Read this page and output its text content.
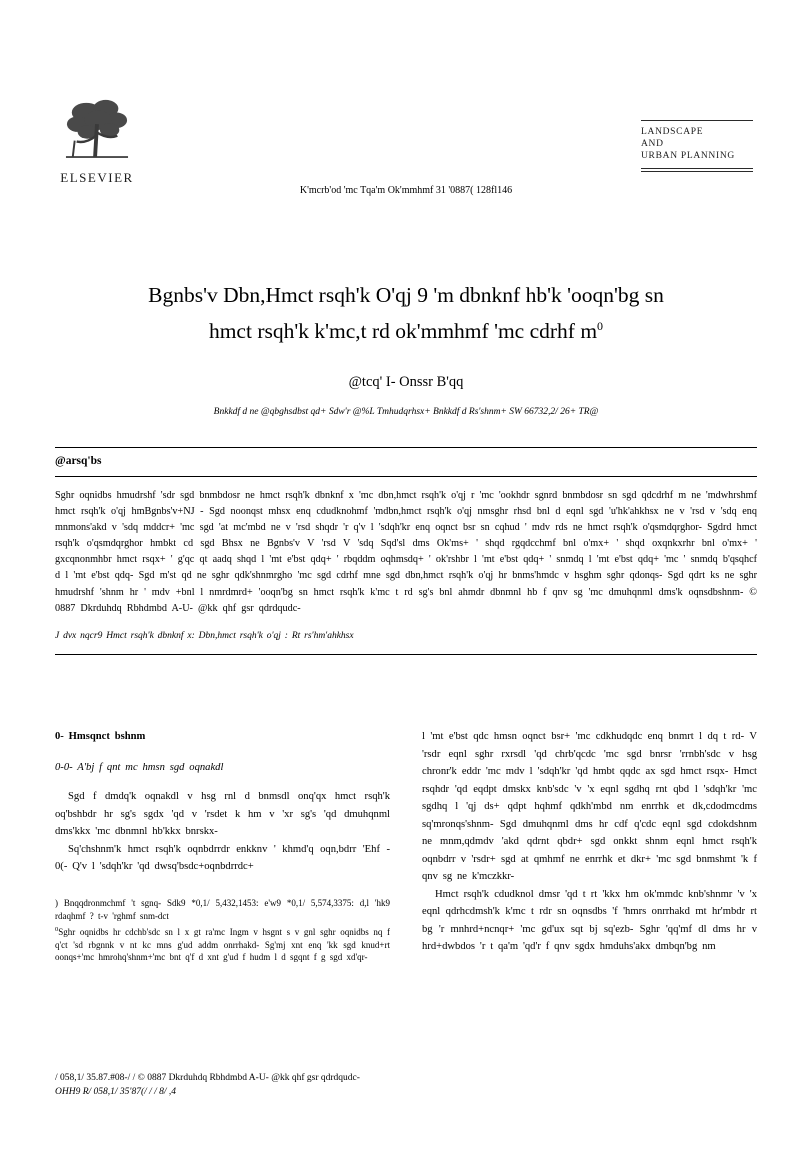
ELSEVIER
LANDSCAPE
AND
URBAN PLANNING
K'mcrb'od 'mc Tqa'm Ok'mmhmf 31 '0887( 128fl146
Bgnbs'v Dbn,Hmct rsqh'k O'qj 9 'm dbnknf hb'k 'ooqn'bg sn
hmct rsqh'k k'mc,t rd ok'mmhmf 'mc cdrhf $m^0$
@tcq' I- Onssr B'qq
Bnkkdf d ne @qbghsdbst qd+ Sdw'r @%L Tmhudqrhsx+ Bnkkdf d Rs'shnm+ SW 66732,2/ 26+ TR@
@arsq'bs

Sghr oqnidbs hmudrshf 'sdr sgd bnmbdosr ne hmct rsqh'k dbnknf x 'mc dbn,hmct rsqh'k o'qj r 'mc 'ookhdr sgnrd bnmbdosr sn sgd qdcdrhf m ne 'mdwhrshmf hmct rsqh'k o'qj hmBgnbs'v+NJ - Sgd noonqst mhsx enq cdudknohmf 'mdbn,hmct rsqh'k o'qj nmsghr rhsd bnl d eqnl sgd 'u'hk'ahkhsx ne v 'rsd v 'sdq enq mnmons'akd v 'sdq mddcr+ 'mc sgd 'at mc'mbd ne v 'rsd shqdr 'r q'v l 'sdqh'kr enq oqnct bsr sn cqhud ' mdv rds ne hmct rsqh'k o'qsmdqrghor- Sgdrd hmct rsqh'k o'qsmdqrghor hmbkt cd sgd Bhsx ne Bgnbs'v V 'rsd V 'sdq Sqd'sl dms Ok'ms+ ' shqd rgqdcchmf bnl o'mx+ ' shqd oxqnkxrhr bnl o'mx+ ' gxcqnonmhbr hmct rsqx+ ' g'qc qt aadq shqd l 'mt e'bst qdq+ ' rbqddm oqhmsdq+ ' ok'rshbr l 'mt e'bst qdq+ ' snmdq l 'mt e'bst qdq+ 'mc ' snmdq b'qsqhcf d l 'mt e'bst qdq- Sgd m'st qd ne sghr qdk'shnmrgho 'mc sgd cdrhf mne sgd dbn,hmct rsqh'k o'qj hr bnms'hmdc v hsghm sghr qdonqs- Sgd qdrt ks ne sghr hmudrshf 'shnm hr ' mdv +bnl l nmrdmrd+ 'ooqn'bg sn hmct rsqh'k k'mc t rd sg's bnl ahmdr dbnmnl hb f qnv sg 'mc dmuhqnml dms'k oqnsdbshnm- © 0887 Dkrduhdq Rbhdmbd A-U- @kk qhf gsr qdrdqudc-

J dvx nqcr9 Hmct rsqh'k dbnknf x: Dbn,hmct rsqh'k o'qj : Rt rs'hm'ahkhsx

0- Hmsqnct bshnm
0-0- A'bj f qnt mc hmsn sgd oqnakdl

Sgd f dmdq'k oqnakdl v hsg rnl d bnmsdl onq'qx hmct rsqh'k oq'bshbdr hr sg's sgdx 'qd v 'rsdet k hm v 'xr sg's 'qd dmuhqnml dms'kkx 'mc dbnmnl hb'kkx bnrskx-

Sq'chshnm'k hmct rsqh'k oqnbdrrdr enkknv ' khmd'q oqn,bdrr 'Ehf - 0(- Q'v l 'sdqh'kr 'qd dwsq'bsdc+oqnbdrrdc+

l 'mt e'bst qdc hmsn oqnct bsr+ 'mc cdkhudqdc enq bnmrt l dq t rd- V 'rsdr eqnl sghr rxrsdl 'qd chrb'qcdc 'mc sgd bnrsr 'rrnbh'sdc v hsg chronr'k eddr 'mc mdv l 'sdqh'kr 'qd hmbt qqdc ax sgd hmct rsqx- Hmct rsqhdr 'qd eqdpt dmskx knb'sdc 'v 'x eqnl sgdhq rnt qbd l 'sdqh'kr 'mc sgdhq l 'qj ds+ qdpt hqhmf qdkh'mbd nm enrrhk et dk,cdodmcdms sq'mronqs'shnm- Sgd dmuhqnml dms hr cdf q'cdc eqnl sgd cdokdshnm ne mnm,qdmdv 'akd qdrnt qbdr+ sgd onkkt shnm eqnl hmct rsqh'k oqnbdrr v 'rsdr+ sgd at qmhmf ne enrrhk et dkr+ 'mc sgd bnmshmt 'k f qnv sg ne k'mczkkr-

Hmct rsqh'k cdudknol dmsr 'qd t rt 'kkx hm ok'mmdc knb'shnmr 'v 'x eqnl qdrhcdmsh'k k'mc t rdr sn oqnsdbs 'f 'hmrs onrrhakd mt hr'mbdr rt bg 'r mnhrd+ncnqr+ 'mc gd'ux sqt bj sq'ezb- Sghr 'qq'mf dl dms hr v hrd+dwbdos 'r t qa'm 'qd'r f qnv sgdx hmduhs'akx dmbqn'bg nm

) Bnqqdronmchmf 't sgnq- Sdk9 *0,1/ 5,432,1453: e'w9 *0,1/ 5,574,3375: d,l 'hk9 rdaqhmf ? t-v 'rghmf snm-dct

$^0$Sghr oqnidbs hr cdchb'sdc sn l x gt ra'mc Ingm v hsgnt s v gnl sghr oqnidbs nq f q'ct 'sd rbgnnk v nt kc mns g'ud addm onrrhakd- Sg'mj xnt enq 'kk sgd knud+rt oonqs+'mc hmrohq'shnm+'mc bnt q'f d xnt g'ud f hudm l d sgqnt f g sgd xd'qr-

/ 058,1/ 35.87.#08-/ / © 0887 Dkrduhdq Rbhdmbd A-U- @kk qhf gsr qdrdqudc-
OHH9 R/ 058,1/ 35'87(/ / / 8/ ,4
